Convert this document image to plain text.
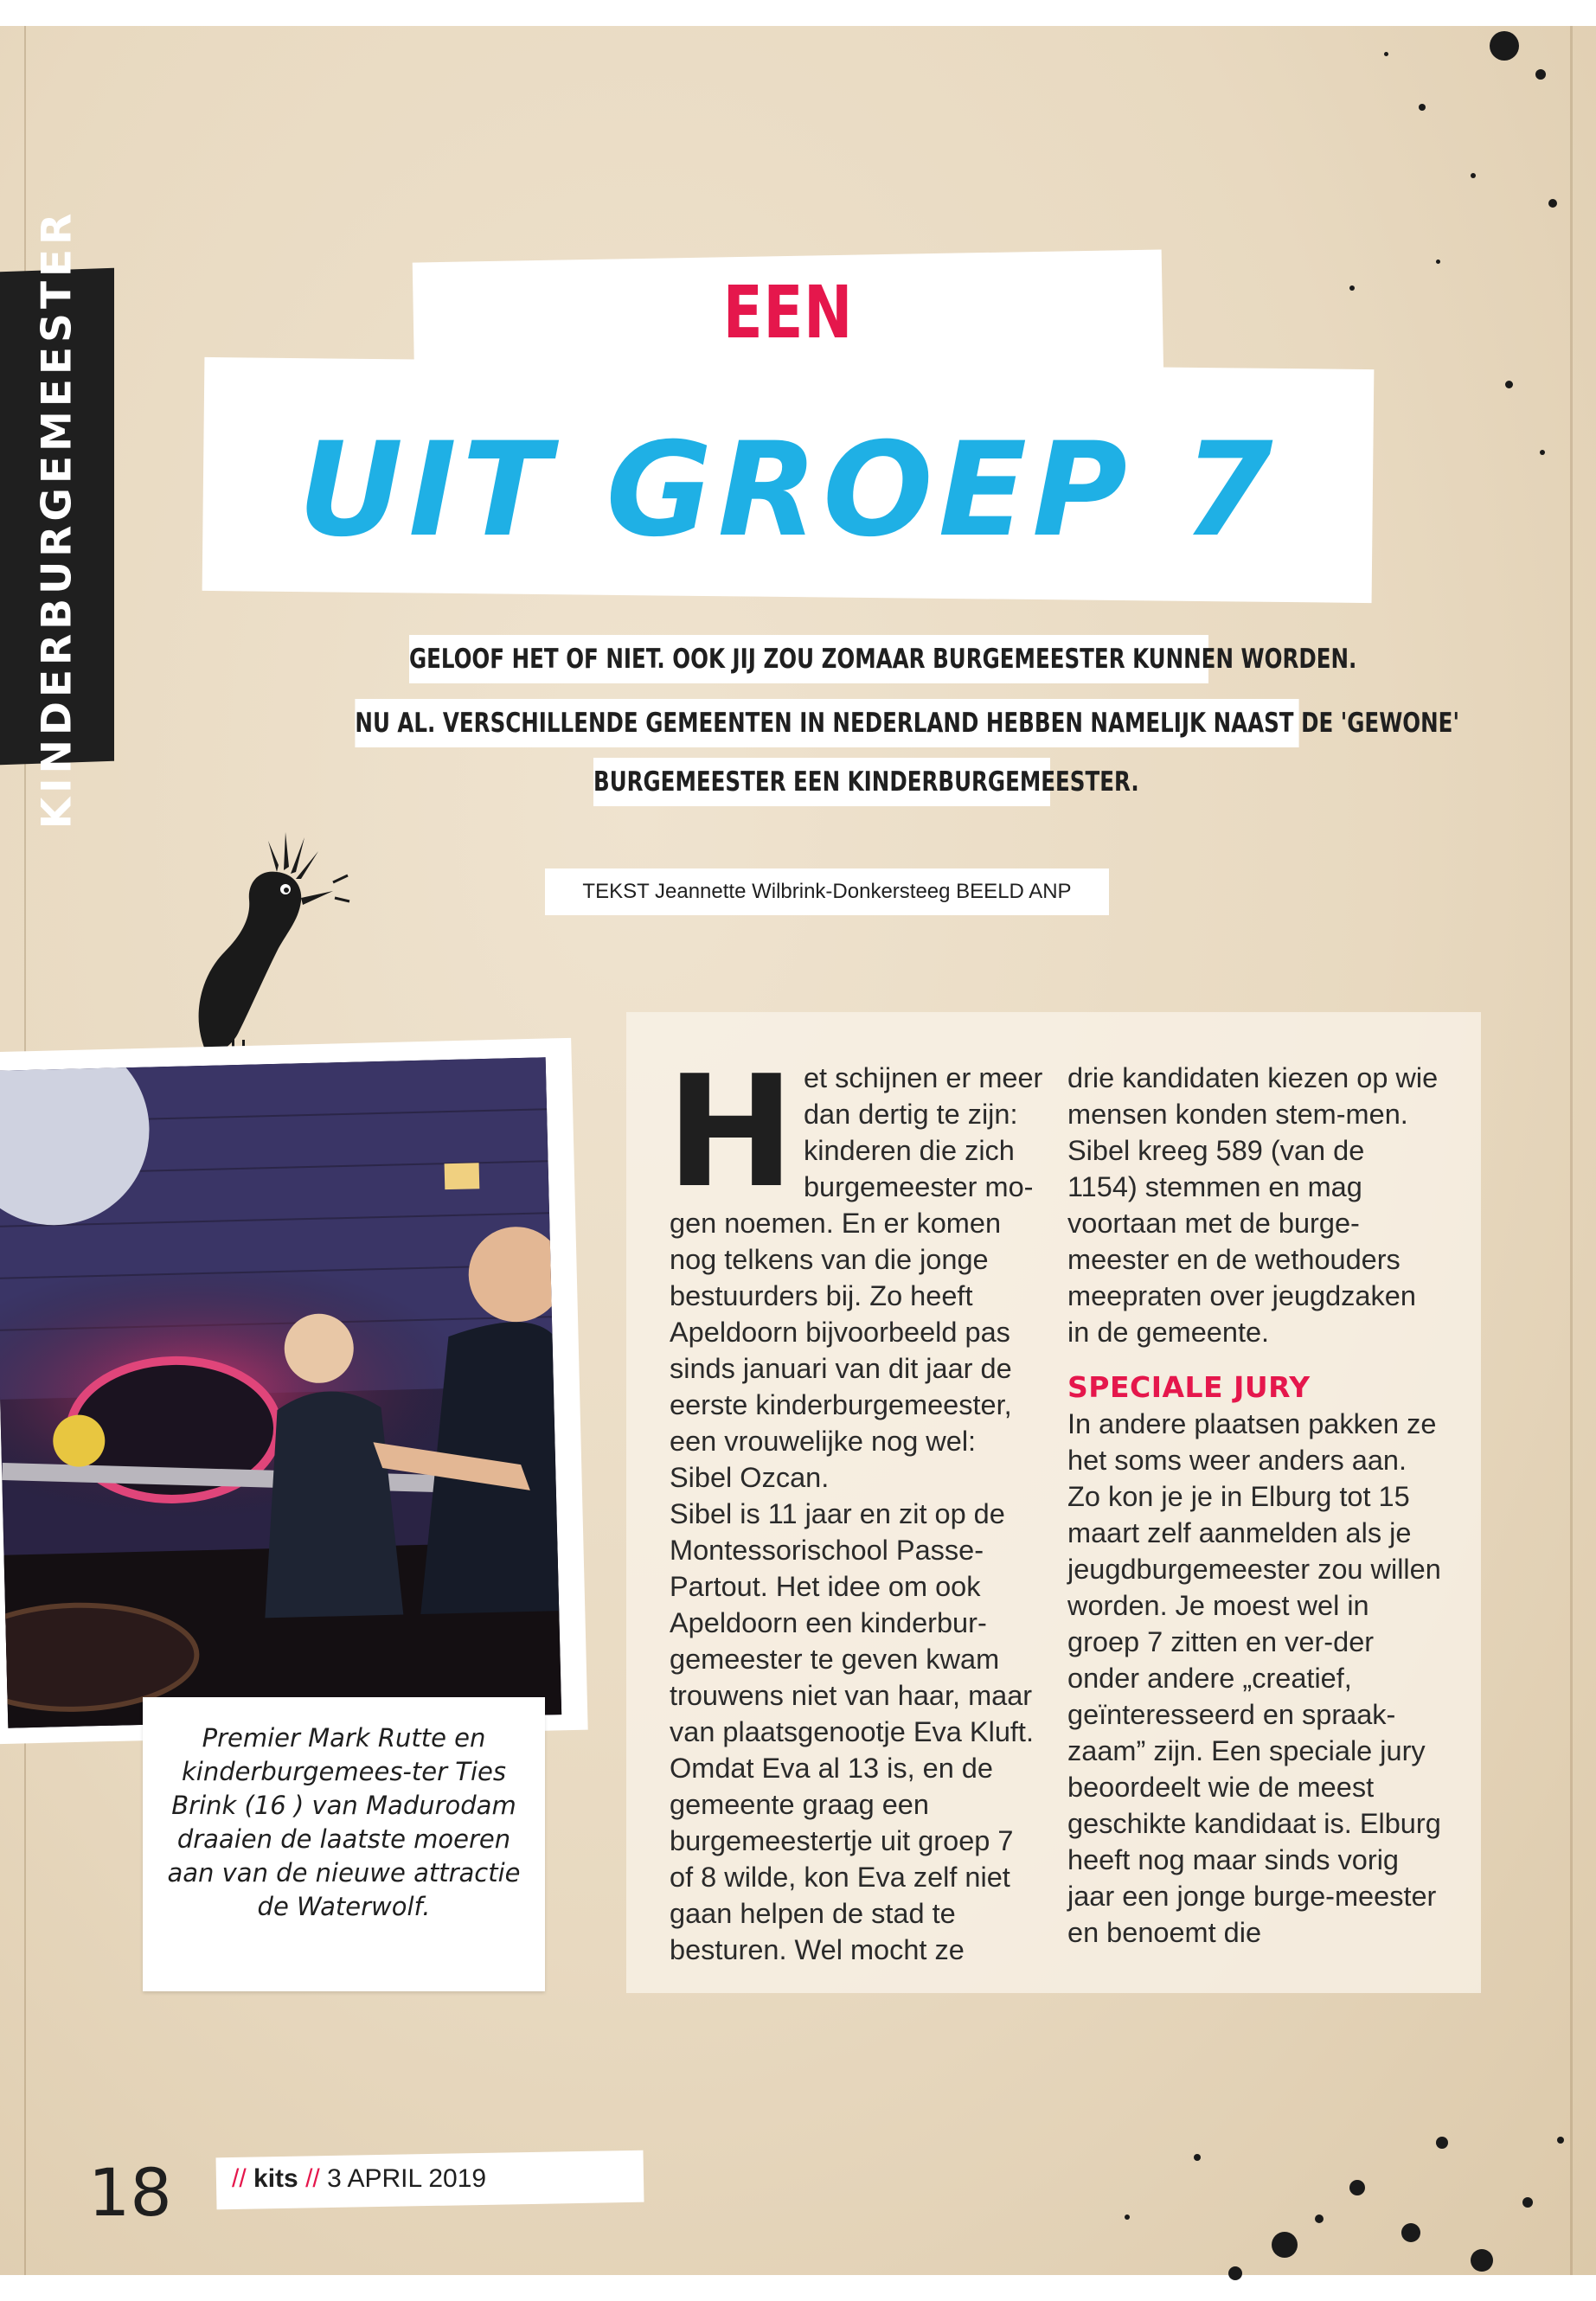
KINDERBURGEMEESTER	EEN
UIT GROEP 7
GELOOF HET OF NIET. OOK JIJ ZOU ZOMAAR BURGEMEESTER KUNNEN WORDEN.
NU AL. VERSCHILLENDE GEMEENTEN IN NEDERLAND HEBBEN NAMELIJK NAAST DE 'GEWONE'
BURGEMEESTER EEN KINDERBURGEMEESTER.
TEKST Jeannette Wilbrink-Donkersteeg BEELD ANP
Premier Mark Rutte en kinderburgemees-ter Ties Brink (16 ) van Madurodam draaien de laatste moeren aan van de nieuwe attractie de Waterwolf.
H et schijnen er meer dan dertig te zijn: kinderen die zich burgemeester mo-gen noemen. En er komen nog telkens van die jonge bestuurders bij. Zo heeft Apeldoorn bijvoorbeeld pas sinds januari van dit jaar de eerste kinderburgemeester, een vrouwelijke nog wel: Sibel Ozcan.

Sibel is 11 jaar en zit op de Montessorischool Passe-Partout. Het idee om ook Apeldoorn een kinderbur-gemeester te geven kwam trouwens niet van haar, maar van plaatsgenootje Eva Kluft. Omdat Eva al 13 is, en de gemeente graag een burgemeestertje uit groep 7 of 8 wilde, kon Eva zelf niet gaan helpen de stad te besturen. Wel mocht ze

drie kandidaten kiezen op wie mensen konden stem-men. Sibel kreeg 589 (van de 1154) stemmen en mag voortaan met de burge-meester en de wethouders meepraten over jeugdzaken in de gemeente.

SPECIALE JURY

In andere plaatsen pakken ze het soms weer anders aan. Zo kon je je in Elburg tot 15 maart zelf aanmelden als je jeugdburgemeester zou willen worden. Je moest wel in groep 7 zitten en ver-der onder andere „creatief, geïnteresseerd en spraak-zaam” zijn. Een speciale jury beoordeelt wie de meest geschikte kandidaat is. Elburg heeft nog maar sinds vorig jaar een jonge burge-meester en benoemt die

18 // kits // 3 APRIL 2019
